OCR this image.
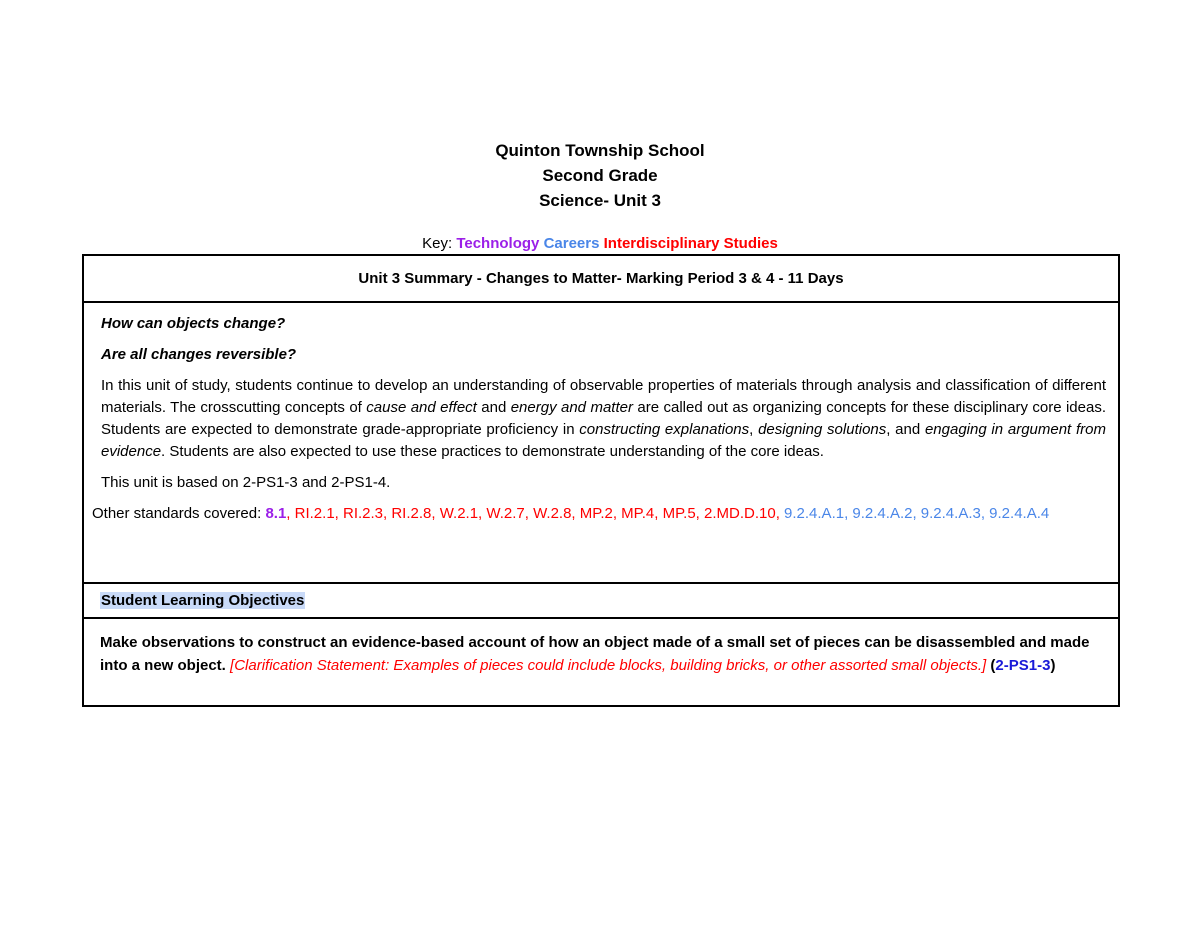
Quinton Township School
Second Grade
Science- Unit 3
Key: Technology Careers Interdisciplinary Studies
Unit 3 Summary - Changes to Matter- Marking Period 3 & 4 - 11 Days

How can objects change?

Are all changes reversible?

In this unit of study, students continue to develop an understanding of observable properties of materials through analysis and classification of different materials. The crosscutting concepts of cause and effect and energy and matter are called out as organizing concepts for these disciplinary core ideas. Students are expected to demonstrate grade-appropriate proficiency in constructing explanations, designing solutions, and engaging in argument from evidence. Students are also expected to use these practices to demonstrate understanding of the core ideas.

This unit is based on 2-PS1-3 and 2-PS1-4.

Other standards covered: 8.1, RI.2.1, RI.2.3, RI.2.8, W.2.1, W.2.7, W.2.8, MP.2, MP.4, MP.5, 2.MD.D.10, 9.2.4.A.1, 9.2.4.A.2, 9.2.4.A.3, 9.2.4.A.4

Student Learning Objectives
Make observations to construct an evidence-based account of how an object made of a small set of pieces can be disassembled and made into a new object. [Clarification Statement: Examples of pieces could include blocks, building bricks, or other assorted small objects.] (2-PS1-3)
